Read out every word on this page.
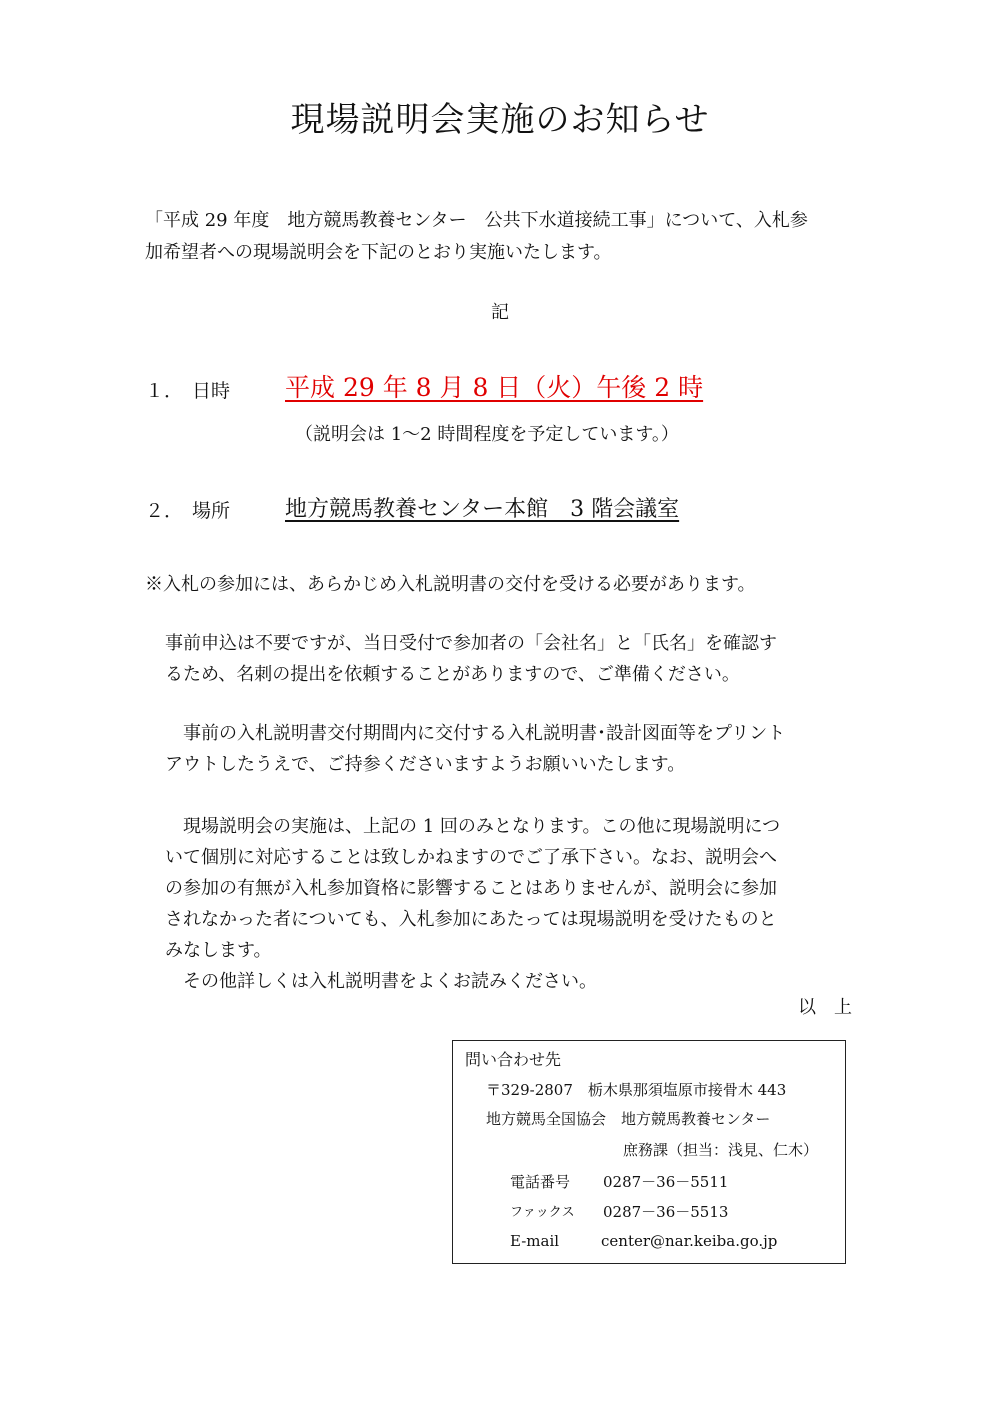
現場説明会実施のお知らせ
「平成 29 年度　地方競馬教養センター　公共下水道接続工事」について、入札参
加希望者への現場説明会を下記のとおり実施いたします。
記
１． 日時 平成 29 年 8 月 8 日（火）午後 2 時
（説明会は 1～2 時間程度を予定しています。）
２． 場所 地方競馬教養センター本館　3 階会議室
※入札の参加には、あらかじめ入札説明書の交付を受ける必要があります。
事前申込は不要ですが、当日受付で参加者の「会社名」と「氏名」を確認す
るため、名刺の提出を依頼することがありますので、ご準備ください。
事前の入札説明書交付期間内に交付する入札説明書･設計図面等をプリント
アウトしたうえで、ご持参くださいますようお願いいたします。
現場説明会の実施は、上記の 1 回のみとなります。この他に現場説明につ
いて個別に対応することは致しかねますのでご了承下さい。なお、説明会へ
の参加の有無が入札参加資格に影響することはありませんが、説明会に参加
されなかった者についても、入札参加にあたっては現場説明を受けたものと
みなします。
その他詳しくは入札説明書をよくお読みください。
以　上
問い合わせ先
〒329-2807　栃木県那須塩原市接骨木 443
地方競馬全国協会　地方競馬教養センター
庶務課（担当：浅見、仁木）
電話番号 0287－36－5511
ファックス 0287－36－5513
E-mail	center@nar.keiba.go.jp
